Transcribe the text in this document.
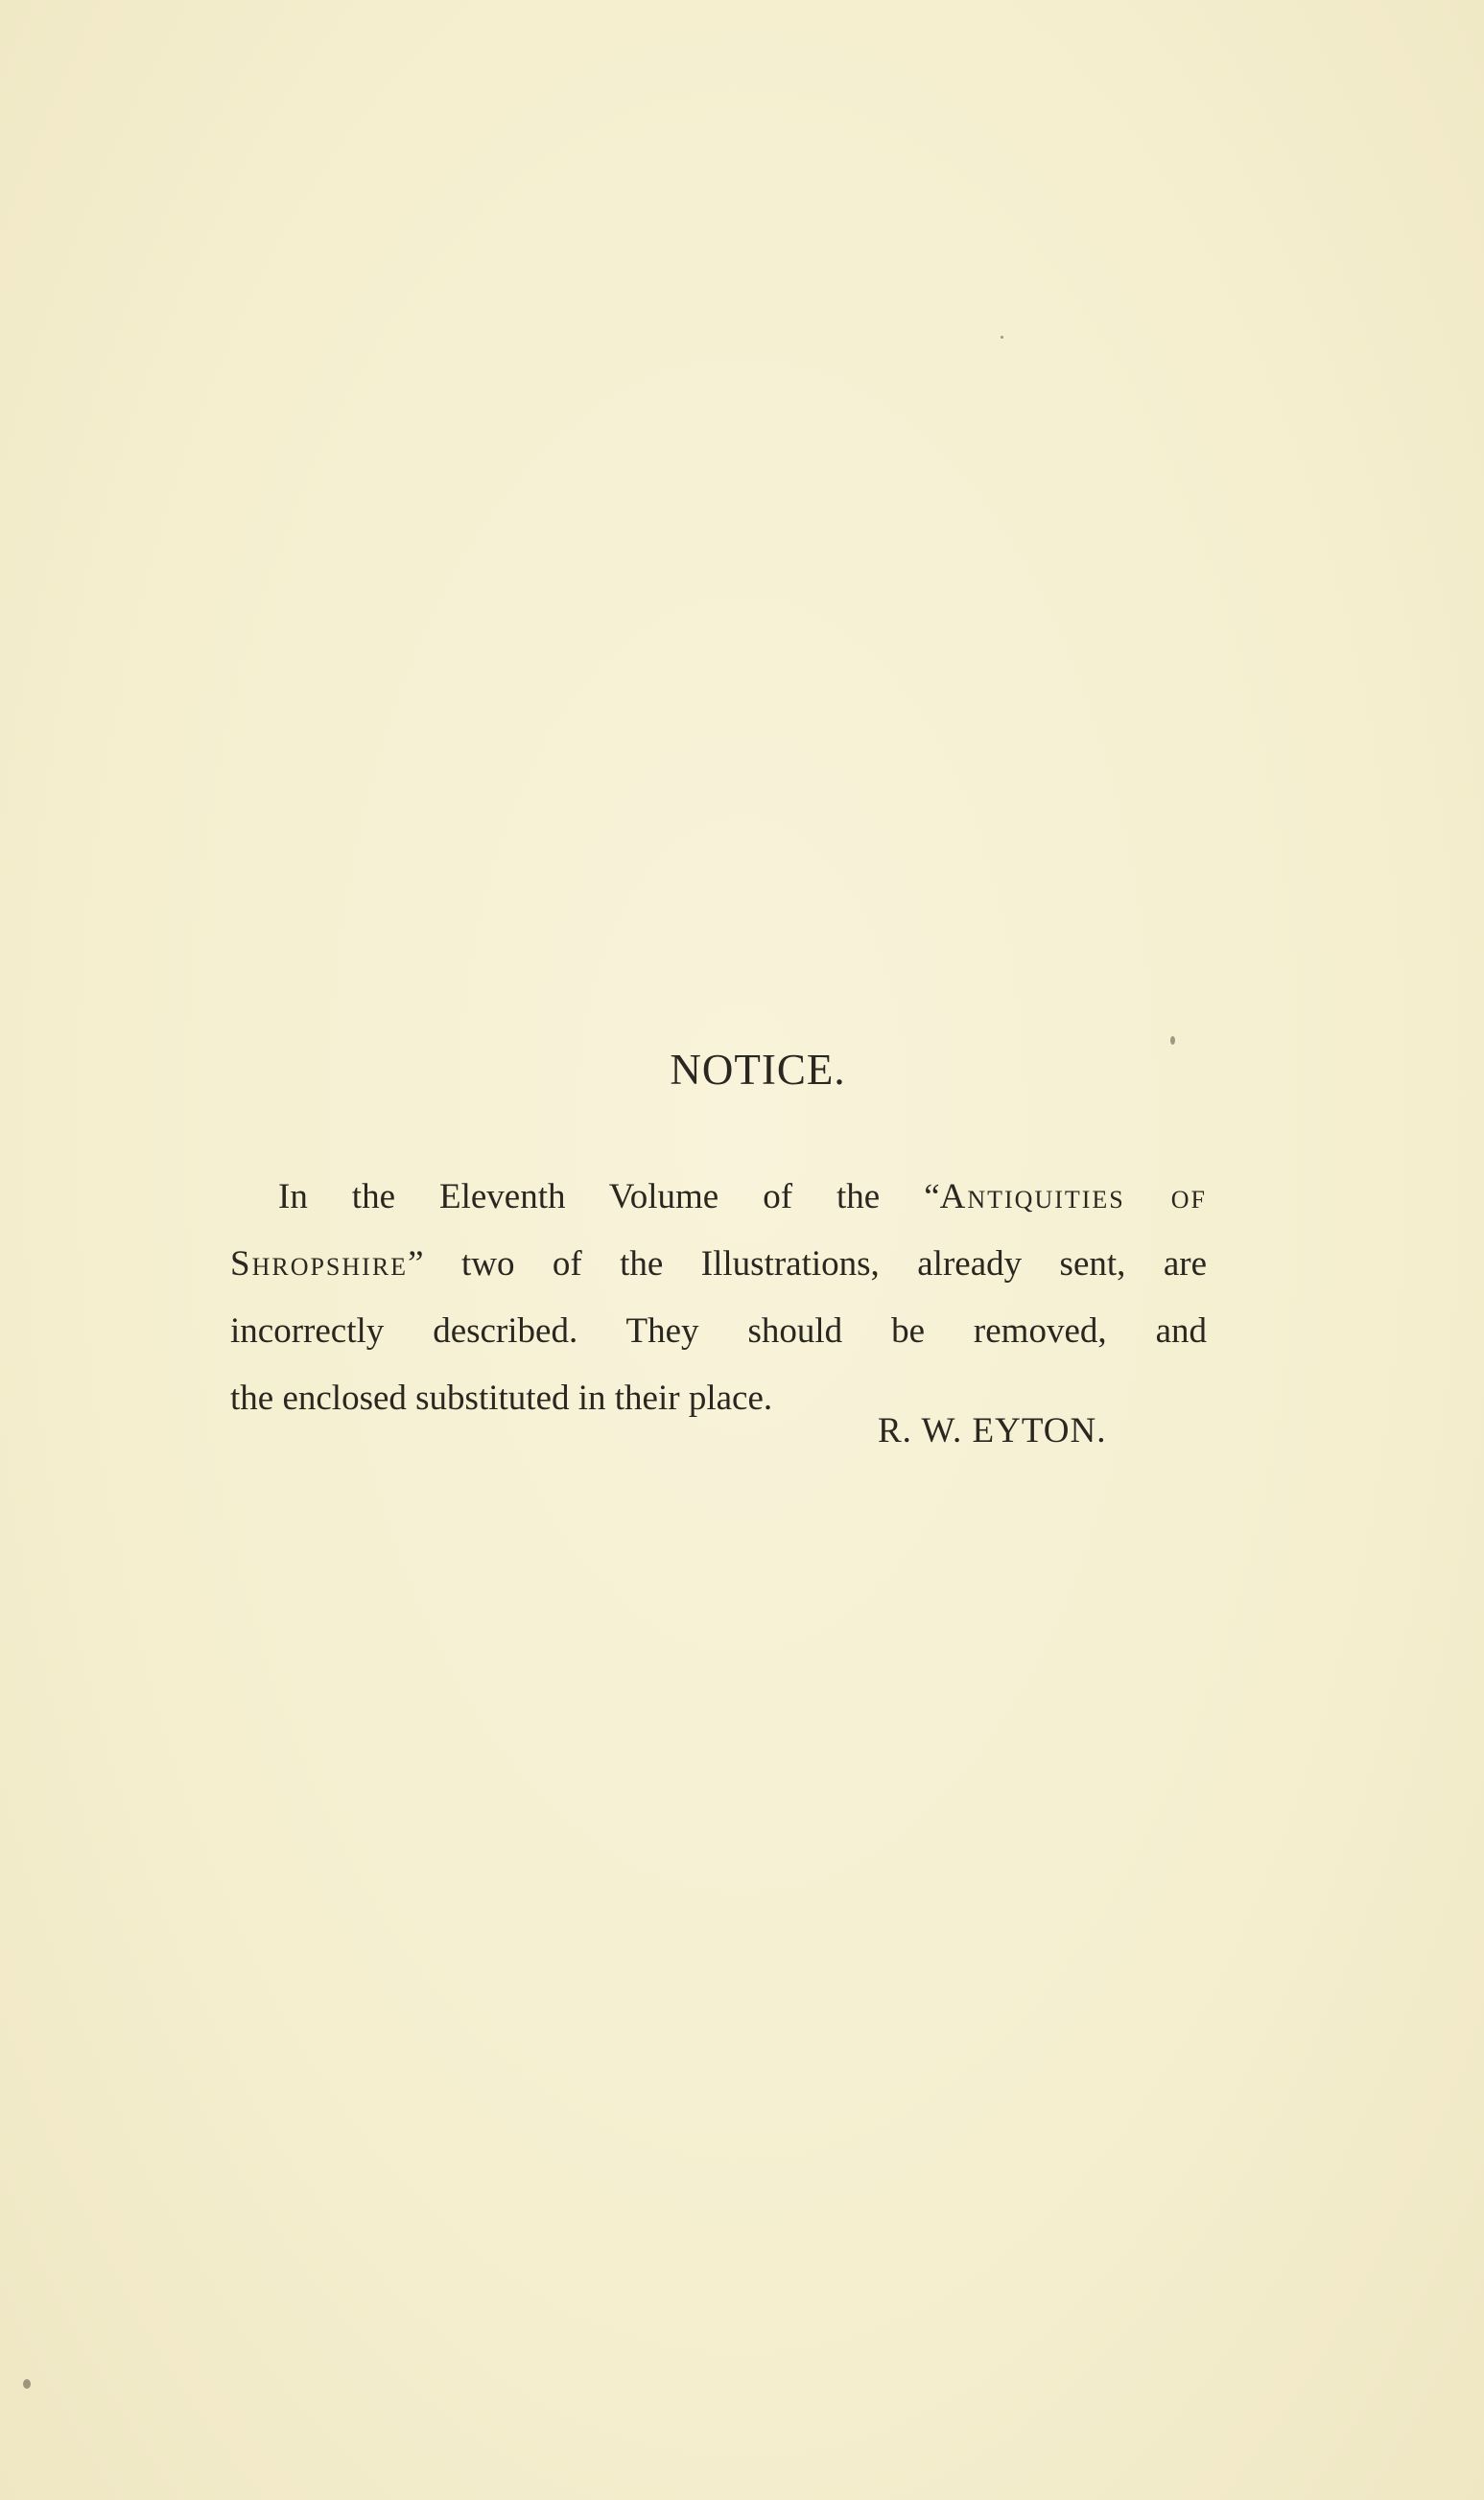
NOTICE.
In the Eleventh Volume of the “Antiquities of
Shropshire” two of the Illustrations, already sent, are
incorrectly described. They should be removed, and
the enclosed substituted in their place.
R. W. EYTON.
